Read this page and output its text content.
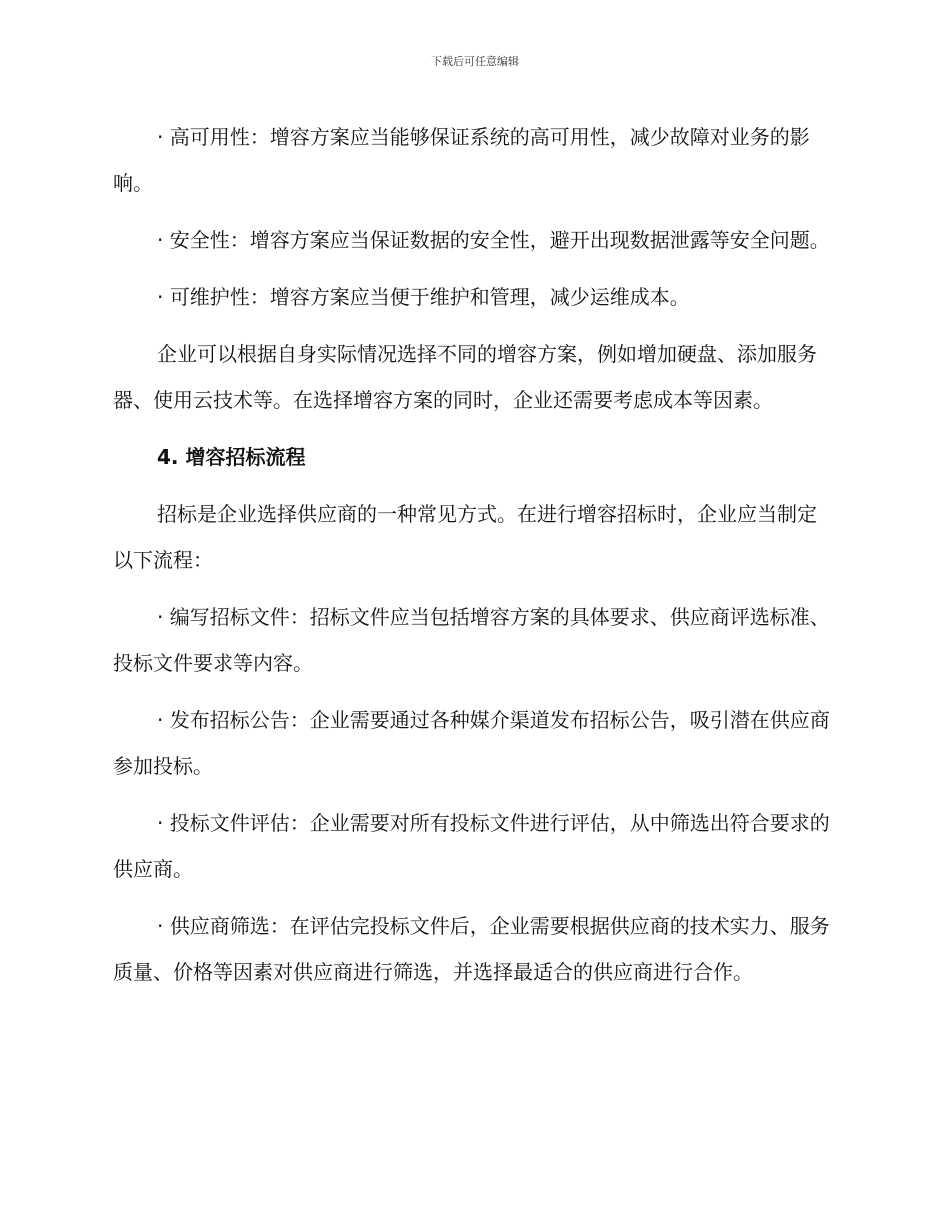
下载后可任意编辑

· 高可用性：增容方案应当能够保证系统的高可用性，减少故障对业务的影响。

· 安全性：增容方案应当保证数据的安全性，避开出现数据泄露等安全问题。

· 可维护性：增容方案应当便于维护和管理，减少运维成本。

企业可以根据自身实际情况选择不同的增容方案，例如增加硬盘、添加服务器、使用云技术等。在选择增容方案的同时，企业还需要考虑成本等因素。

4. 增容招标流程

招标是企业选择供应商的一种常见方式。在进行增容招标时，企业应当制定以下流程：

· 编写招标文件：招标文件应当包括增容方案的具体要求、供应商评选标准、投标文件要求等内容。

· 发布招标公告：企业需要通过各种媒介渠道发布招标公告，吸引潜在供应商参加投标。

· 投标文件评估：企业需要对所有投标文件进行评估，从中筛选出符合要求的供应商。

· 供应商筛选：在评估完投标文件后，企业需要根据供应商的技术实力、服务质量、价格等因素对供应商进行筛选，并选择最适合的供应商进行合作。
